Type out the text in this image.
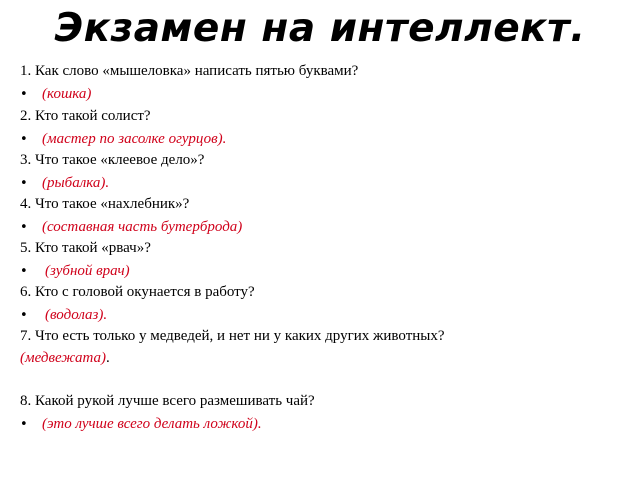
Экзамен на интеллект.
1. Как слово «мышеловка» написать пятью буквами?
• (кошка)
2. Кто такой солист?
• (мастер по засолке огурцов).
3. Что такое «клеевое дело»?
• (рыбалка).
4. Что такое «нахлебник»?
• (составная часть бутерброда)
5. Кто такой «рвач»?
• (зубной врач)
6. Кто с головой окунается в работу?
• (водолаз).
7. Что есть только у медведей, и нет ни у каких других животных?
(медвежата).
8. Какой рукой лучше всего размешивать чай?
• (это лучше всего делать ложкой).
